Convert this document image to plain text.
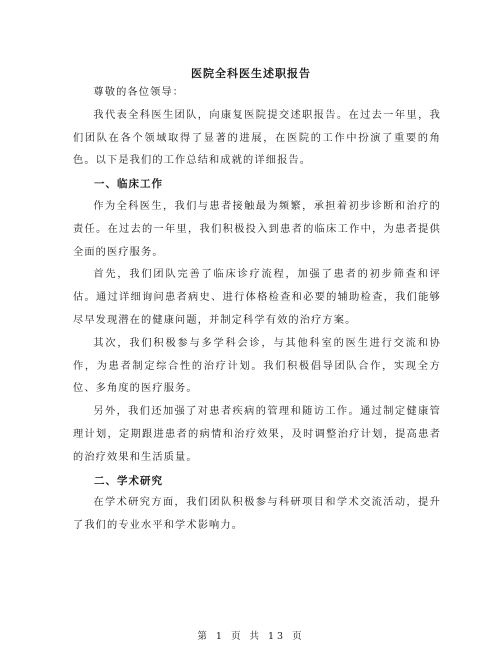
医院全科医生述职报告

尊敬的各位领导：

我代表全科医生团队，向康复医院提交述职报告。在过去一年里，我们团队在各个领域取得了显著的进展，在医院的工作中扮演了重要的角色。以下是我们的工作总结和成就的详细报告。

一、临床工作

作为全科医生，我们与患者接触最为频繁，承担着初步诊断和治疗的责任。在过去的一年里，我们积极投入到患者的临床工作中，为患者提供全面的医疗服务。

首先，我们团队完善了临床诊疗流程，加强了患者的初步筛查和评估。通过详细询问患者病史、进行体格检查和必要的辅助检查，我们能够尽早发现潜在的健康问题，并制定科学有效的治疗方案。

其次，我们积极参与多学科会诊，与其他科室的医生进行交流和协作，为患者制定综合性的治疗计划。我们积极倡导团队合作，实现全方位、多角度的医疗服务。

另外，我们还加强了对患者疾病的管理和随访工作。通过制定健康管理计划，定期跟进患者的病情和治疗效果，及时调整治疗计划，提高患者的治疗效果和生活质量。

二、学术研究

在学术研究方面，我们团队积极参与科研项目和学术交流活动，提升了我们的专业水平和学术影响力。

第 1 页 共 13 页
